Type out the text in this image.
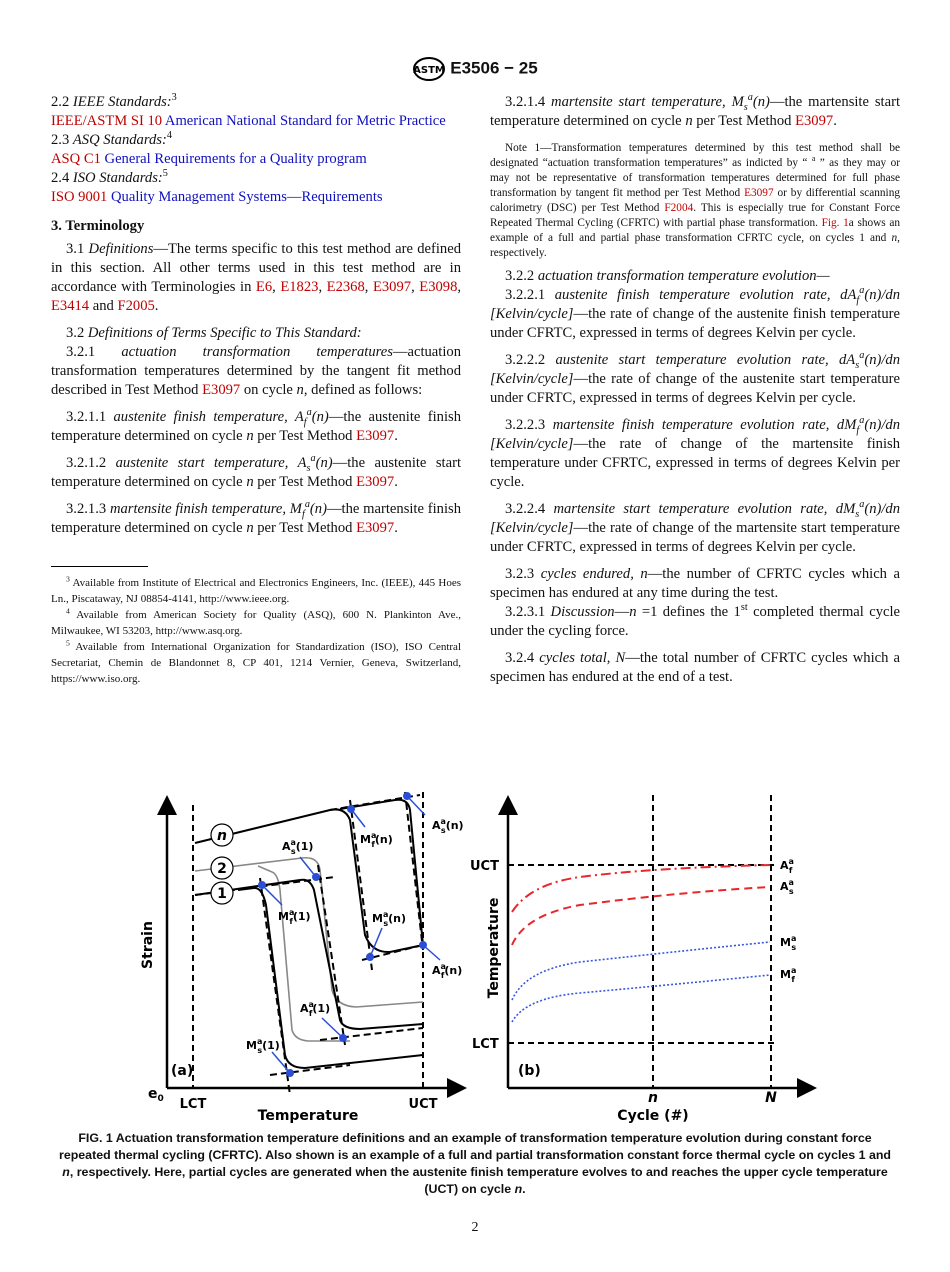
ASTM E3506 − 25

2.2 IEEE Standards:$^3$

IEEE/ASTM SI 10 American National Standard for Metric Practice

2.3 ASQ Standards:$^4$

ASQ C1 General Requirements for a Quality program

2.4 ISO Standards:$^5$

ISO 9001 Quality Management Systems—Requirements

3. Terminology

3.1 Definitions—The terms specific to this test method are defined in this section. All other terms used in this test method are in accordance with Terminologies in E6, E1823, E2368, E3097, E3098, E3414 and F2005.

3.2 Definitions of Terms Specific to This Standard:

3.2.1 actuation transformation temperatures—actuation transformation temperatures determined by the tangent fit method described in Test Method E3097 on cycle n, defined as follows:

3.2.1.1 austenite finish temperature, $A_f^a(n)—the$ austenite finish temperature determined on cycle n per Test Method E3097.

3.2.1.2 austenite start temperature, $A_s^a(n)—the$ austenite start temperature determined on cycle n per Test Method E3097.

3.2.1.3 martensite finish temperature, $M_f^a(n)—the$ martensite finish temperature determined on cycle n per Test Method E3097.

$^3$ Available from Institute of Electrical and Electronics Engineers, Inc. (IEEE), 445 Hoes Ln., Piscataway, NJ 08854-4141, http://www.ieee.org.

$^4$ Available from American Society for Quality (ASQ), 600 N. Plankinton Ave., Milwaukee, WI 53203, http://www.asq.org.

$^5$ Available from International Organization for Standardization (ISO), ISO Central Secretariat, Chemin de Blandonnet 8, CP 401, 1214 Vernier, Geneva, Switzerland, https://www.iso.org.

3.2.1.4 martensite start temperature, $M_s^a(n)—the$ martensite start temperature determined on cycle n per Test Method E3097.

Note 1—Transformation temperatures determined by this test method shall be designated “actuation transformation temperatures” as indicted by “ $^a$ ” as they may or may not be representative of transformation temperatures determined for full phase transformation by tangent fit method per Test Method E3097 or by differential scanning calorimetry (DSC) per Test Method F2004. This is especially true for Constant Force Repeated Thermal Cycling (CFRTC) with partial phase transformation. Fig. 1a shows an example of a full and partial phase transformation CFRTC cycle, on cycles 1 and n, respectively.

3.2.2 actuation transformation temperature evolution—

3.2.2.1 austenite finish temperature evolution rate, $dA_f^a(n)/dn$ [Kelvin/cycle]—the rate of change of the austenite finish temperature under CFRTC, expressed in terms of degrees Kelvin per cycle.

3.2.2.2 austenite start temperature evolution rate, $dA_s^a(n)/dn$ [Kelvin/cycle]—the rate of change of the austenite start temperature under CFRTC, expressed in terms of degrees Kelvin per cycle.

3.2.2.3 martensite finish temperature evolution rate, $dM_f^a(n)/dn$ [Kelvin/cycle]—the rate of change of the martensite finish temperature under CFRTC, expressed in terms of degrees Kelvin per cycle.

3.2.2.4 martensite start temperature evolution rate, $dM_s^a(n)/dn$ [Kelvin/cycle]—the rate of change of the martensite start temperature under CFRTC, expressed in terms of degrees Kelvin per cycle.

3.2.3 cycles endured, n—the number of CFRTC cycles which a specimen has endured at any time during the test.

3.2.3.1 Discussion—n =1 defines the 1st completed thermal cycle under the cycling force.

3.2.4 cycles total, N—the total number of CFRTC cycles which a specimen has endured at the end of a test.

n
2
1
$A^a$ s(1)
$M^a$ f(n)
$A^a$ s(n)
$M^a$ f(1)	$M^a$ s(n)
$A^a$ f(n)
$A^a$ f(1)
$M^a$ s(1)
(a)
Strain
$e_0$ LCT	UCT
Temperature
$A^a$ f
$A^a$ s
$M^a$ s
$M^a$ f
UCT
LCT
Temperature
(b)
n	N
Cycle (#)
FIG. 1 Actuation transformation temperature definitions and an example of transformation temperature evolution during constant force repeated thermal cycling (CFRTC). Also shown is an example of a full and partial transformation constant force thermal cycle on cycles 1 and n, respectively. Here, partial cycles are generated when the austenite finish temperature evolves to and reaches the upper cycle temperature (UCT) on cycle n.
2
